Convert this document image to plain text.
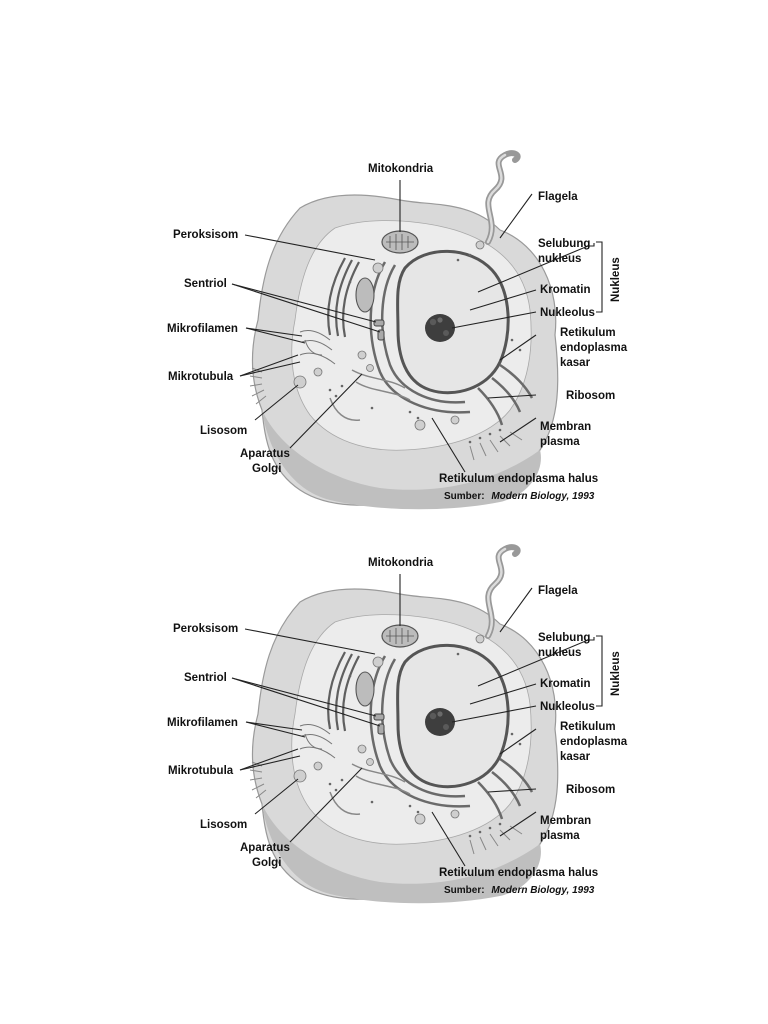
Mitokondria
Flagela
Peroksisom
Selubung
nukleus
Sentriol	Kromatin
Nukleolus
Nukleus
Mikrofilamen	Retikulum
endoplasma
kasar
Mikrotubula
Ribosom
Lisosom	Membran
plasma
Aparatus
Golgi
Retikulum endoplasma halus
Sumber: Modern Biology, 1993
Mitokondria
Flagela
Peroksisom
Selubung
nukleus
Sentriol	Kromatin
Nukleolus
Nukleus
Mikrofilamen	Retikulum
endoplasma
kasar
Mikrotubula
Ribosom
Lisosom	Membran
plasma
Aparatus
Golgi
Retikulum endoplasma halus
Sumber: Modern Biology, 1993
